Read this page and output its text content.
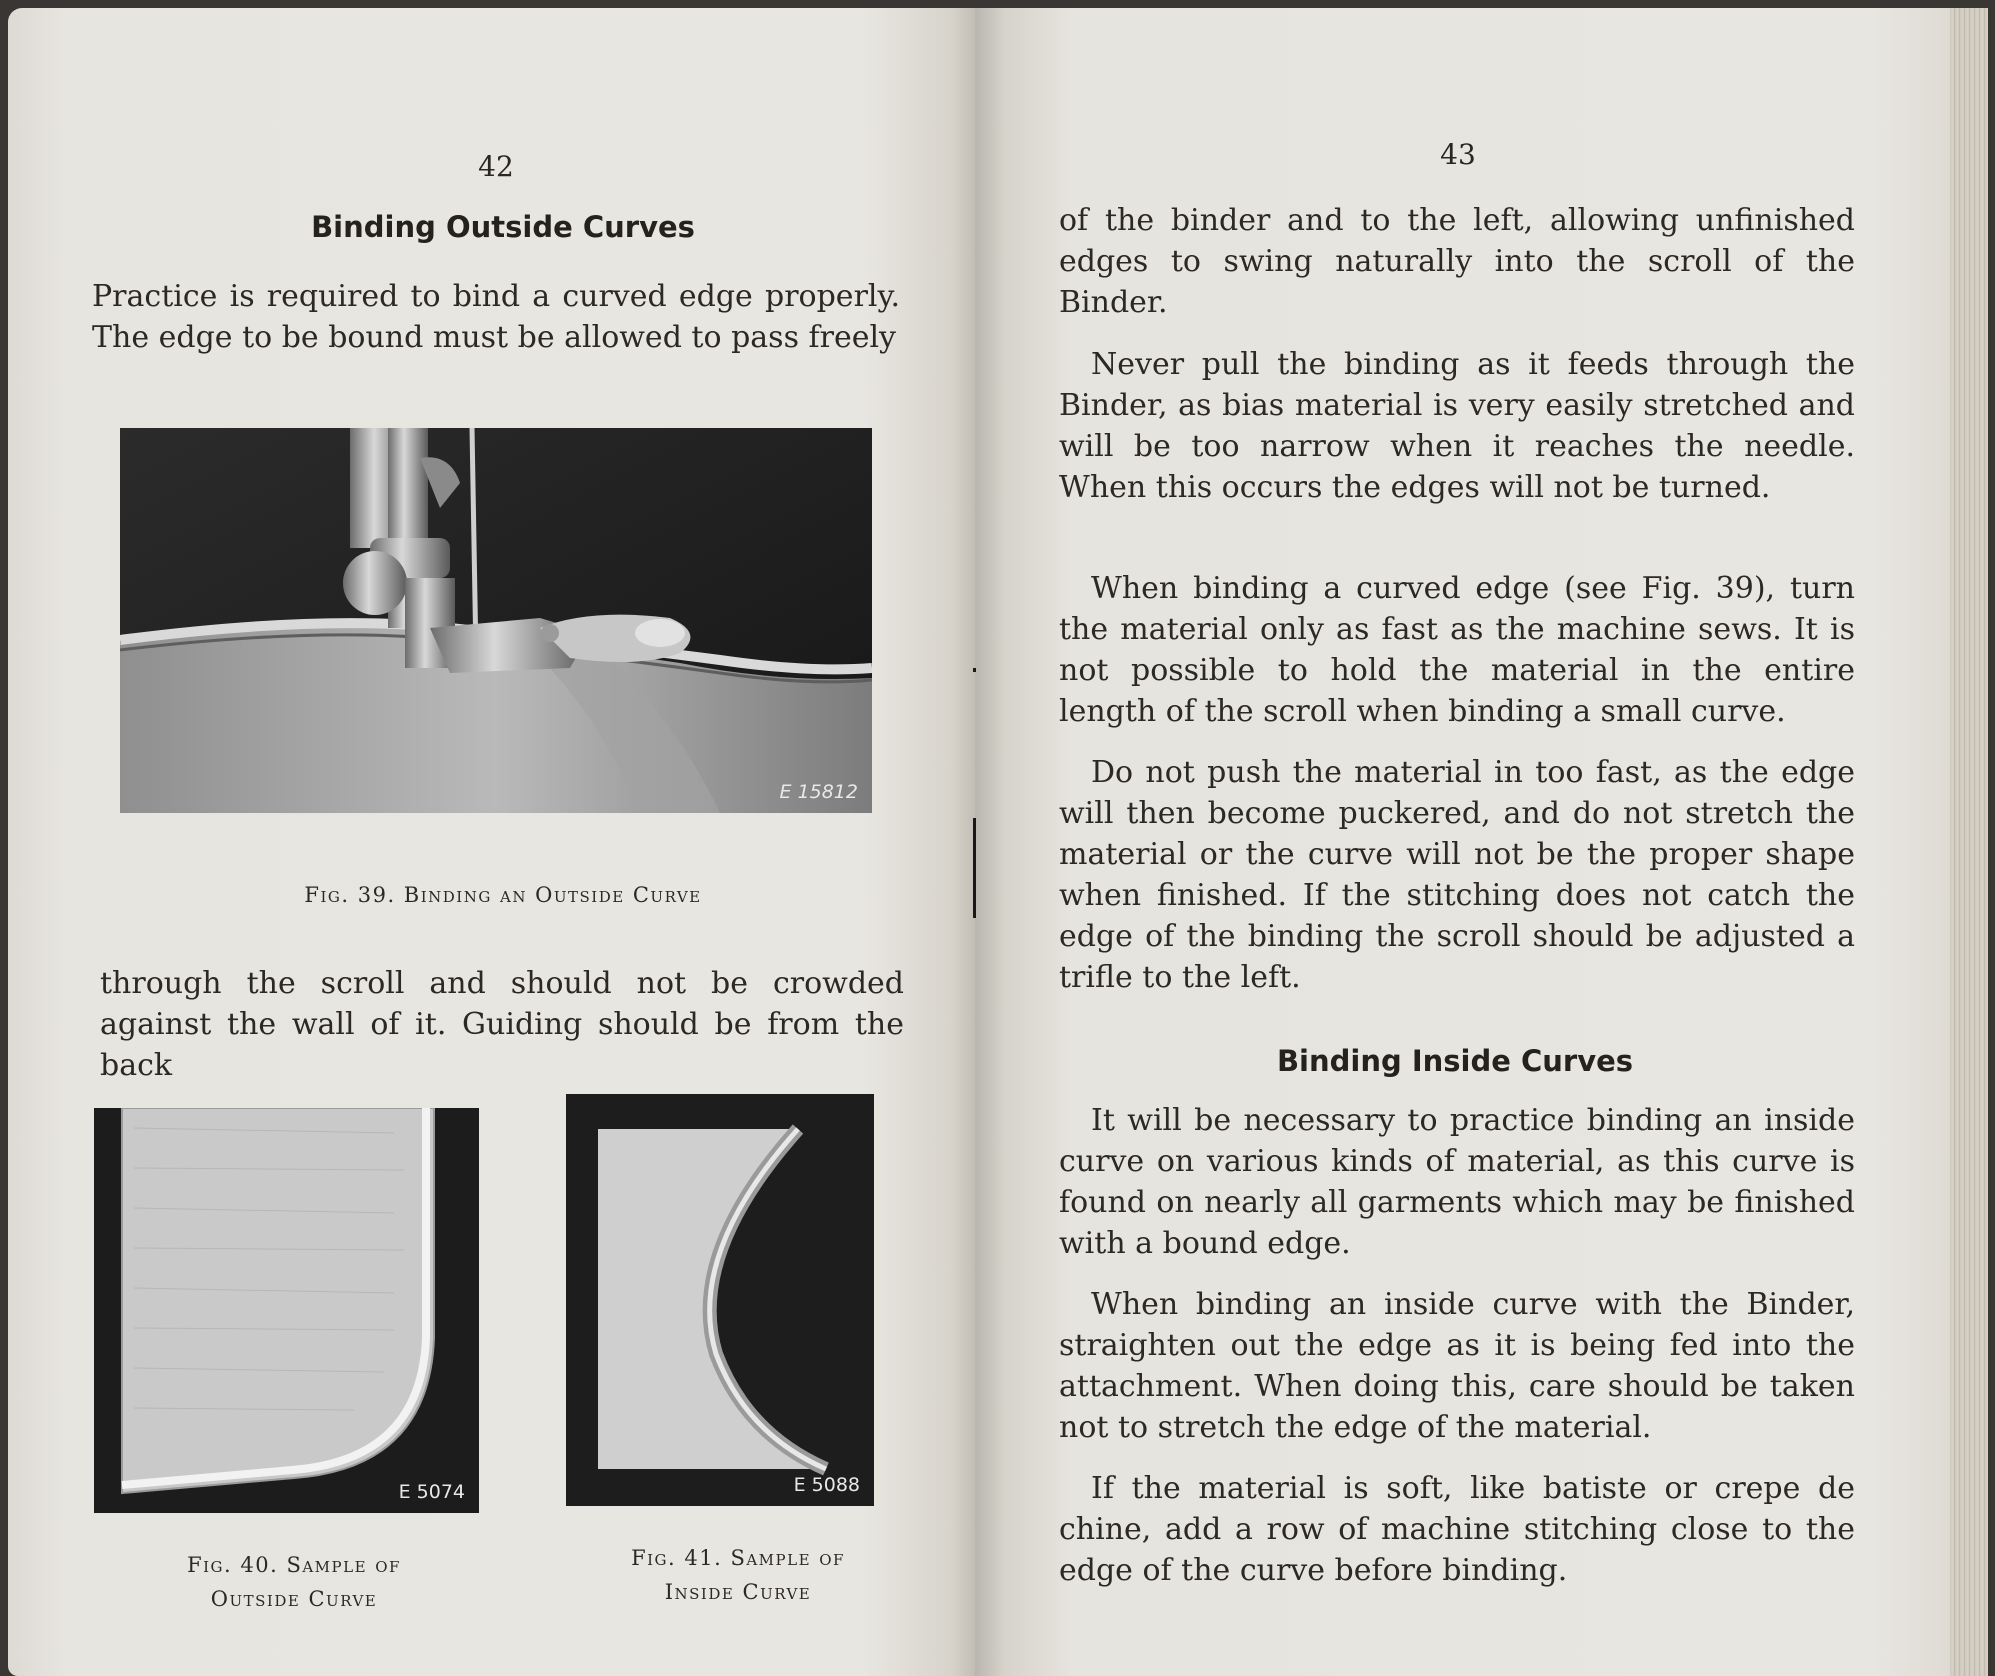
42
Binding Outside Curves

Practice is required to bind a curved edge properly. The edge to be bound must be allowed to pass freely

E 15812
Fig. 39. Binding an Outside Curve

through the scroll and should not be crowded against the wall of it. Guiding should be from the back

E 5074
Fig. 40. Sample of
Outside Curve
E 5088
Fig. 41. Sample of
Inside Curve
43

of the binder and to the left, allowing unfinished edges to swing naturally into the scroll of the Binder.

Never pull the binding as it feeds through the Binder, as bias material is very easily stretched and will be too narrow when it reaches the needle. When this occurs the edges will not be turned.

When binding a curved edge (see Fig. 39), turn the material only as fast as the machine sews. It is not possible to hold the material in the entire length of the scroll when binding a small curve.

Do not push the material in too fast, as the edge will then become puckered, and do not stretch the material or the curve will not be the proper shape when finished. If the stitching does not catch the edge of the binding the scroll should be adjusted a trifle to the left.

Binding Inside Curves

It will be necessary to practice binding an inside curve on various kinds of material, as this curve is found on nearly all garments which may be finished with a bound edge.

When binding an inside curve with the Binder, straighten out the edge as it is being fed into the attachment. When doing this, care should be taken not to stretch the edge of the material.

If the material is soft, like batiste or crepe de chine, add a row of machine stitching close to the edge of the curve before binding.
